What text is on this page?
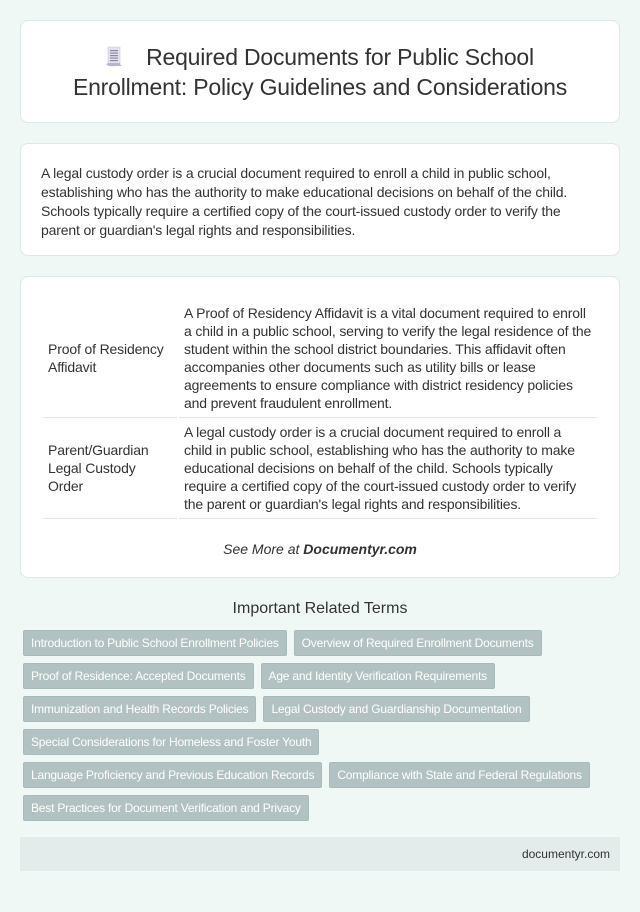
Required Documents for Public School Enrollment: Policy Guidelines and Considerations

A legal custody order is a crucial document required to enroll a child in public school, establishing who has the authority to make educational decisions on behalf of the child. Schools typically require a certified copy of the court-issued custody order to verify the parent or guardian's legal rights and responsibilities.

Proof of Residency Affidavit	A Proof of Residency Affidavit is a vital document required to enroll a child in a public school, serving to verify the legal residence of the student within the school district boundaries. This affidavit often accompanies other documents such as utility bills or lease agreements to ensure compliance with district residency policies and prevent fraudulent enrollment.
Parent/Guardian Legal Custody Order	A legal custody order is a crucial document required to enroll a child in public school, establishing who has the authority to make educational decisions on behalf of the child. Schools typically require a certified copy of the court-issued custody order to verify the parent or guardian's legal rights and responsibilities.
See More at Documentyr.com
Important Related Terms
Introduction to Public School Enrollment Policies	Overview of Required Enrollment Documents
Proof of Residence: Accepted Documents	Age and Identity Verification Requirements
Immunization and Health Records Policies	Legal Custody and Guardianship Documentation
Special Considerations for Homeless and Foster Youth
Language Proficiency and Previous Education Records	Compliance with State and Federal Regulations
Best Practices for Document Verification and Privacy
documentyr.com
